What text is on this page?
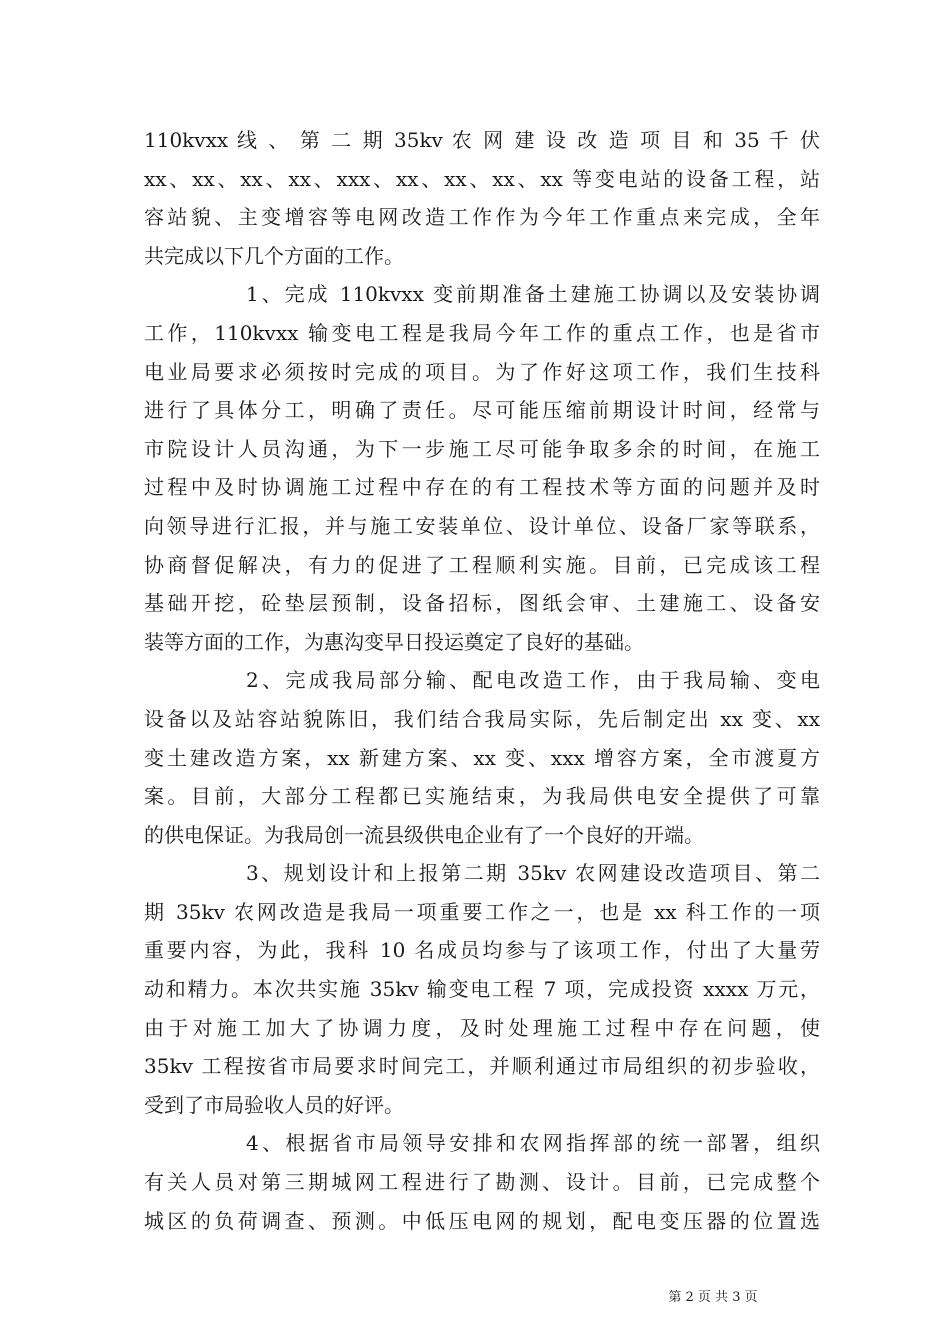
110kvxx 线 、 第 二 期 35kv 农 网 建 设 改 造 项 目 和 35 千 伏
xx、xx、xx、xx、xxx、xx、xx、xx、xx 等变电站的设备工程，站
容站貌、主变增容等电网改造工作作为今年工作重点来完成，全年
共完成以下几个方面的工作。
1、完成 110kvxx 变前期准备土建施工协调以及安装协调
工作，110kvxx 输变电工程是我局今年工作的重点工作，也是省市
电业局要求必须按时完成的项目。为了作好这项工作，我们生技科
进行了具体分工，明确了责任。尽可能压缩前期设计时间，经常与
市院设计人员沟通，为下一步施工尽可能争取多余的时间，在施工
过程中及时协调施工过程中存在的有工程技术等方面的问题并及时
向领导进行汇报，并与施工安装单位、设计单位、设备厂家等联系，
协商督促解决，有力的促进了工程顺利实施。目前，已完成该工程
基础开挖，砼垫层预制，设备招标，图纸会审、土建施工、设备安
装等方面的工作，为惠沟变早日投运奠定了良好的基础。
2、完成我局部分输、配电改造工作，由于我局输、变电
设备以及站容站貌陈旧，我们结合我局实际，先后制定出 xx 变、xx
变土建改造方案，xx 新建方案、xx 变、xxx 增容方案，全市渡夏方
案。目前，大部分工程都已实施结束，为我局供电安全提供了可靠
的供电保证。为我局创一流县级供电企业有了一个良好的开端。
3、规划设计和上报第二期 35kv 农网建设改造项目、第二
期 35kv 农网改造是我局一项重要工作之一，也是 xx 科工作的一项
重要内容，为此，我科 10 名成员均参与了该项工作，付出了大量劳
动和精力。本次共实施 35kv 输变电工程 7 项，完成投资 xxxx 万元，
由于对施工加大了协调力度，及时处理施工过程中存在问题，使
35kv 工程按省市局要求时间完工，并顺利通过市局组织的初步验收，
受到了市局验收人员的好评。
4、根据省市局领导安排和农网指挥部的统一部署，组织
有关人员对第三期城网工程进行了勘测、设计。目前，已完成整个
城区的负荷调查、预测。中低压电网的规划，配电变压器的位置选
第 2 页 共 3 页
